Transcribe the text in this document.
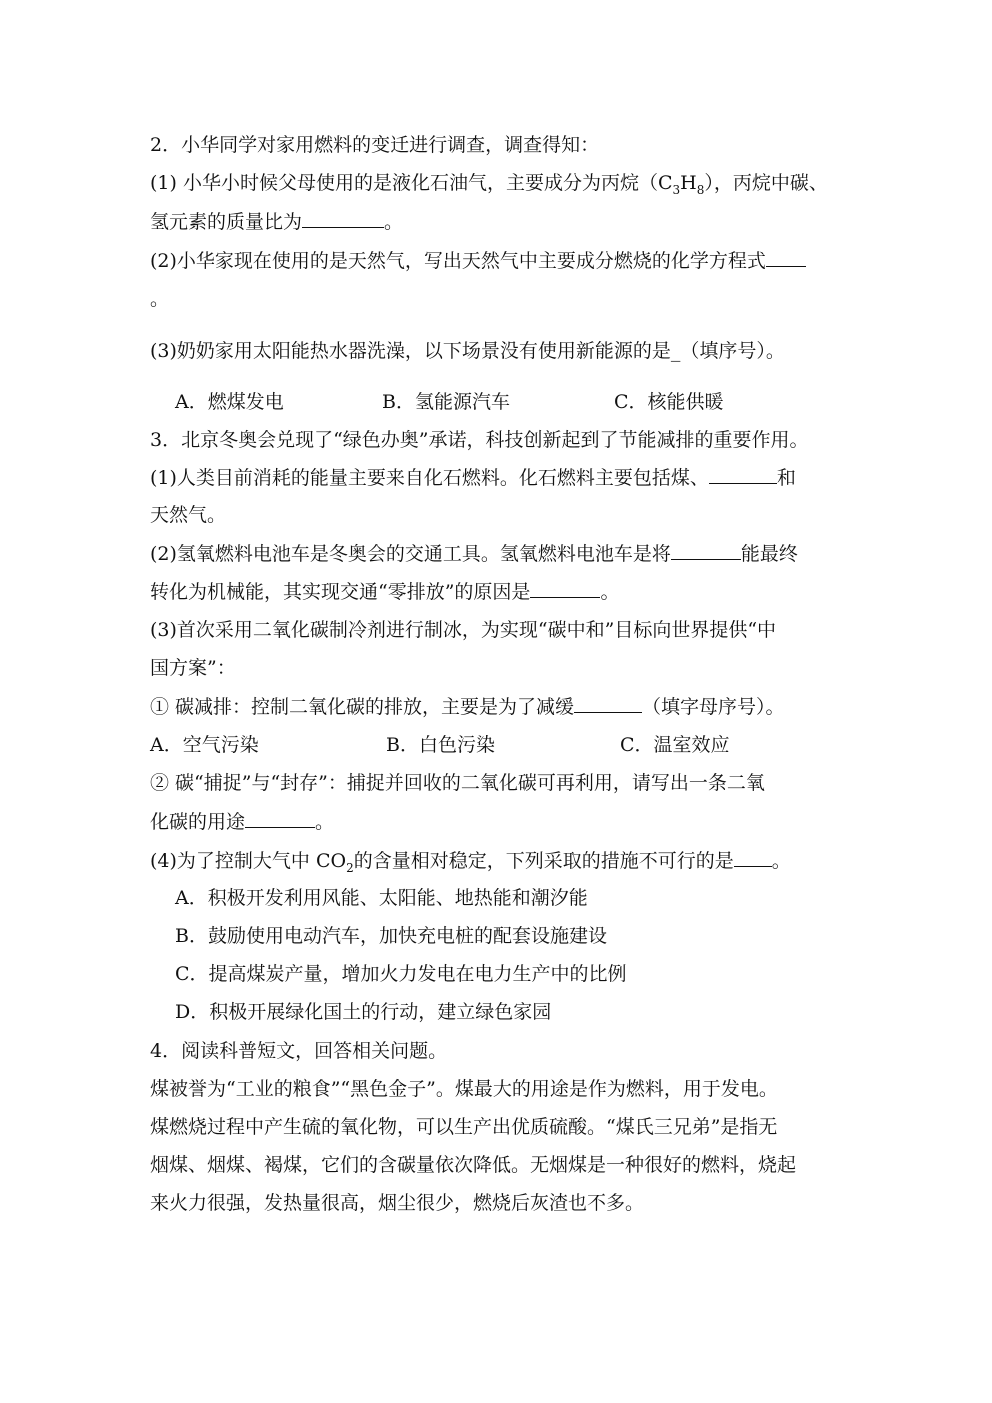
2．小华同学对家用燃料的变迁进行调查，调查得知：
(1) 小华小时候父母使用的是液化石油气，主要成分为丙烷$(C_3H_8)$，丙烷中碳、
氢元素的质量比为	。
(2)小华家现在使用的是天然气，写出天然气中主要成分燃烧的化学方程式
。
(3)奶奶家用太阳能热水器洗澡，以下场景没有使用新能源的是_（填序号）。
A．燃煤发电	B．氢能源汽车	C．核能供暖
3．北京冬奥会兑现了“绿色办奥”承诺，科技创新起到了节能减排的重要作用。
(1)人类目前消耗的能量主要来自化石燃料。化石燃料主要包括煤、	和
天然气。
(2)氢氧燃料电池车是冬奥会的交通工具。氢氧燃料电池车是将	能最终
转化为机械能，其实现交通“零排放”的原因是	。
(3)首次采用二氧化碳制冷剂进行制冰，为实现“碳中和”目标向世界提供“中
国方案”：
① 碳减排：控制二氧化碳的排放，主要是为了减缓	（填字母序号）。
A．空气污染	B．白色污染	C．温室效应
② 碳“捕捉”与“封存”：捕捉并回收的二氧化碳可再利用，请写出一条二氧
化碳的用途	。
(4)为了控制大气中 $CO_2$的含量相对稳定，下列采取的措施不可行的是 。
A．积极开发利用风能、太阳能、地热能和潮汐能
B．鼓励使用电动汽车，加快充电桩的配套设施建设
C．提高煤炭产量，增加火力发电在电力生产中的比例
D．积极开展绿化国土的行动，建立绿色家园
4．阅读科普短文，回答相关问题。
煤被誉为“工业的粮食”“黑色金子”。煤最大的用途是作为燃料，用于发电。
煤燃烧过程中产生硫的氧化物，可以生产出优质硫酸。“煤氏三兄弟”是指无
烟煤、烟煤、褐煤，它们的含碳量依次降低。无烟煤是一种很好的燃料，烧起
来火力很强，发热量很高，烟尘很少，燃烧后灰渣也不多。
